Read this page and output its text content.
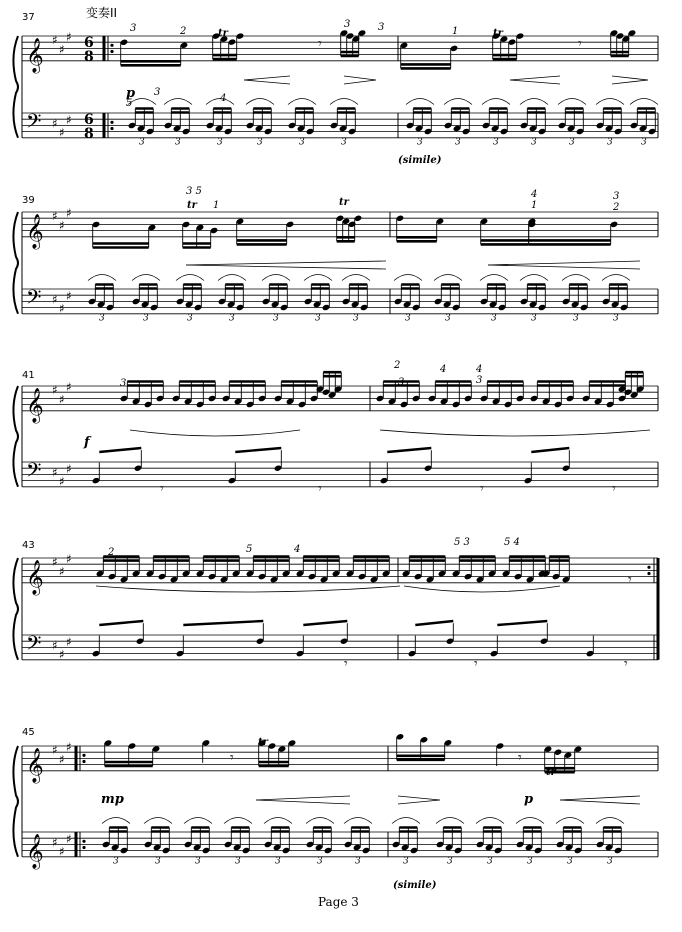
𝄞
𝄢
♯
♯
♯
♯
♯
♯
𝄞
𝄢
♯
♯
♯
♯
♯
♯
𝄞
𝄢
♯
♯
♯
♯
♯
♯
𝄞
𝄢
♯
♯
♯
♯
♯
♯
𝄞
𝄞
♯
♯
♯
♯
♯
♯
3	3	3	3	3	3	3	3	3	3	3	3	3
3	3	3	3	3	3	3	3	3	3	3	3	3
3	3	3	3	3	3	3	3	3	3	3	3	3
𝄾	𝄾
𝄾	𝄾
𝄾
𝄾	𝄾	𝄾	𝄾
𝄾	𝄾	𝄾
37	变奏II
39
41
43
45
6
8
6
8
p
f
mp	p
(simile)
(simile)
tr	tr
tr	tr
tr
tr
3	2
3	3	1
5
3
4
3 5
1
4
1
3
2
2	4	4
3	3
3
2	5	4
5 3	5 4
Page 3
